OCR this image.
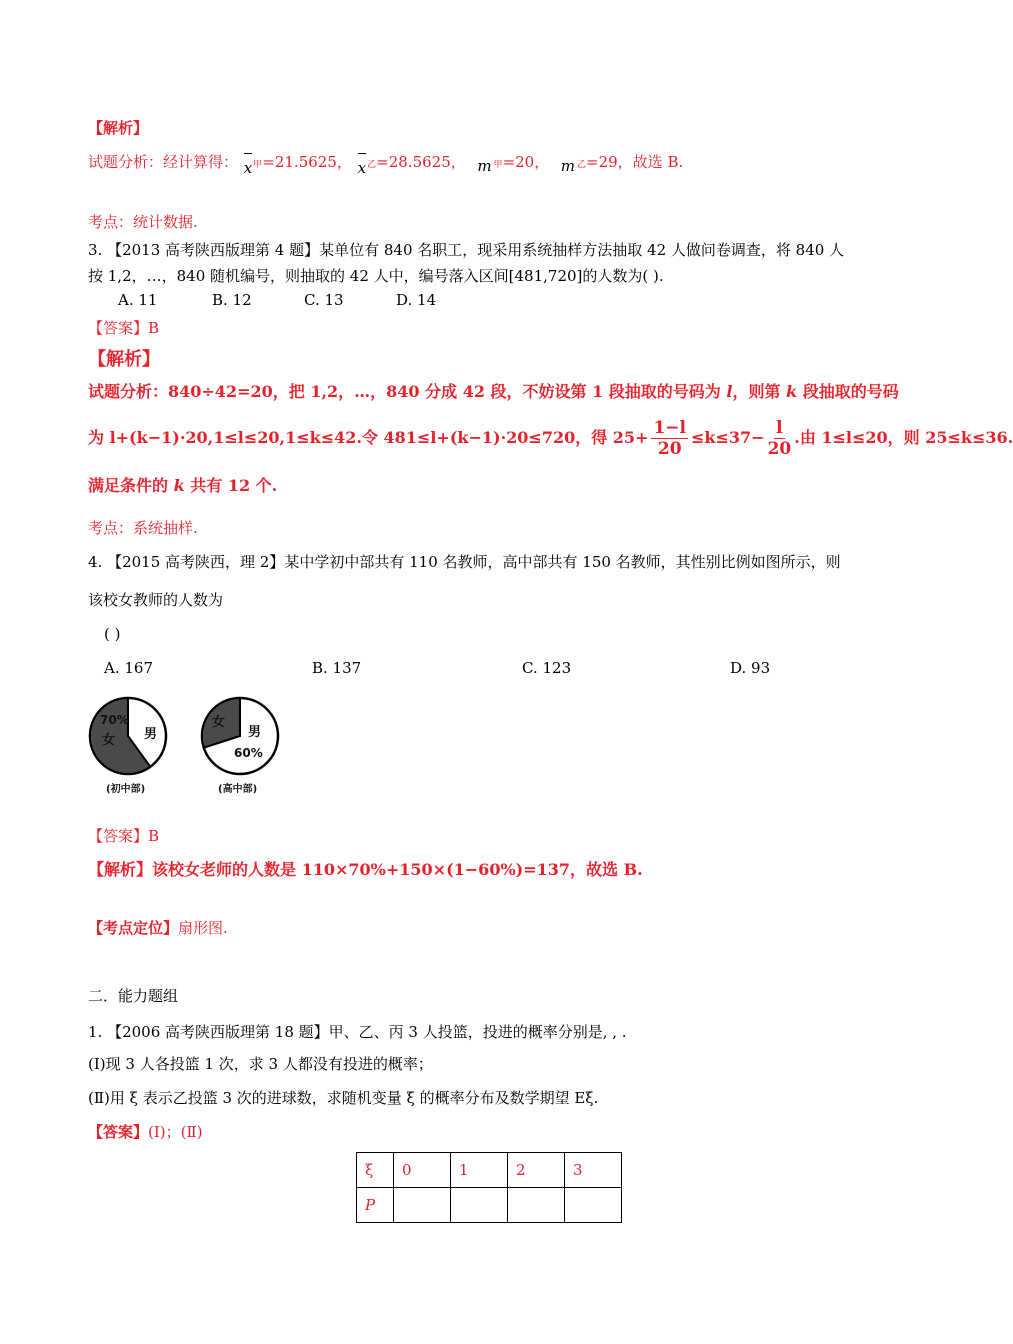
【解析】
试题分析：经计算得： x甲=21.5625， x乙=28.5625， m 甲=20， m 乙=29，故选 B.
考点：统计数据.
3. 【2013 高考陕西版理第 4 题】某单位有 840 名职工，现采用系统抽样方法抽取 42 人做问卷调查，将 840 人
按 1,2，…，840 随机编号，则抽取的 42 人中，编号落入区间[481,720]的人数为( ).
A. 11	B. 12	C. 13	D. 14
【答案】B
【解析】
试题分析：840÷42=20，把 1,2，…，840 分成 42 段，不妨设第 1 段抽取的号码为 l，则第 k 段抽取的号码
为 l+(k−1)·20,1≤l≤20,1≤k≤42.令 481≤l+(k−1)·20≤720，得 $25+ \frac{1-l}{20} \le k\le 37- \frac{l}{20}$ .由 1≤l≤20，则 25≤k≤36.
满足条件的 k 共有 12 个.
考点：系统抽样.
4. 【2015 高考陕西，理 2】某中学初中部共有 110 名教师，高中部共有 150 名教师，其性别比例如图所示，则
该校女教师的人数为
( )
A. 167	B. 137	C. 123	D. 93
70%
女 男
(初中部)
女
男
60%
(高中部)
【答案】B
【解析】该校女老师的人数是 110×70%+150×(1−60%)=137，故选 B.
【考点定位】扇形图.
二．能力题组
1. 【2006 高考陕西版理第 18 题】甲、乙、丙 3 人投篮，投进的概率分别是, , .
(Ⅰ)现 3 人各投篮 1 次，求 3 人都没有投进的概率；
(Ⅱ)用 ξ 表示乙投篮 3 次的进球数，求随机变量 ξ 的概率分布及数学期望 Eξ.
【答案】(Ⅰ)；(Ⅱ)
ξ	0	1	2	3
P				
